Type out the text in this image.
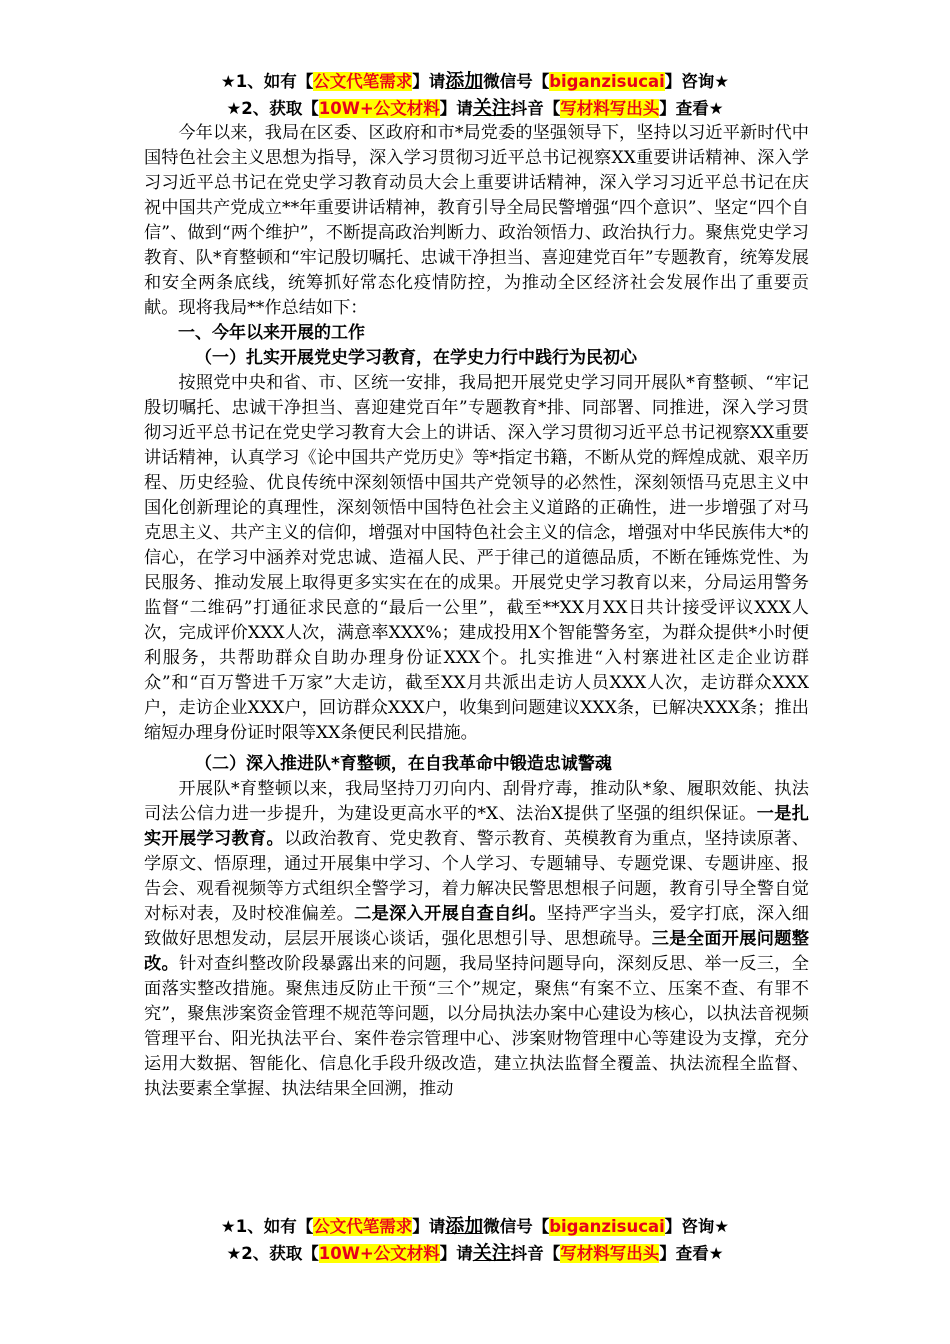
★1、如有【公文代笔需求】请添加微信号【biganzisucai】咨询★
★2、获取【10W+公文材料】请关注抖音【写材料写出头】查看★

今年以来，我局在区委、区政府和市*局党委的坚强领导下，坚持以习近平新时代中国特色社会主义思想为指导，深入学习贯彻习近平总书记视察XX重要讲话精神、深入学习习近平总书记在党史学习教育动员大会上重要讲话精神，深入学习习近平总书记在庆祝中国共产党成立**年重要讲话精神，教育引导全局民警增强“四个意识”、坚定“四个自信”、做到“两个维护”，不断提高政治判断力、政治领悟力、政治执行力。聚焦党史学习教育、队*育整顿和“牢记殷切嘱托、忠诚干净担当、喜迎建党百年”专题教育，统筹发展和安全两条底线，统筹抓好常态化疫情防控，为推动全区经济社会发展作出了重要贡献。现将我局**作总结如下：

一、今年以来开展的工作
（一）扎实开展党史学习教育，在学史力行中践行为民初心

按照党中央和省、市、区统一安排，我局把开展党史学习同开展队*育整顿、“牢记殷切嘱托、忠诚干净担当、喜迎建党百年”专题教育*排、同部署、同推进，深入学习贯彻习近平总书记在党史学习教育大会上的讲话、深入学习贯彻习近平总书记视察XX重要讲话精神，认真学习《论中国共产党历史》等*指定书籍，不断从党的辉煌成就、艰辛历程、历史经验、优良传统中深刻领悟中国共产党领导的必然性，深刻领悟马克思主义中国化创新理论的真理性，深刻领悟中国特色社会主义道路的正确性，进一步增强了对马克思主义、共产主义的信仰，增强对中国特色社会主义的信念，增强对中华民族伟大*的信心，在学习中涵养对党忠诚、造福人民、严于律己的道德品质，不断在锤炼党性、为民服务、推动发展上取得更多实实在在的成果。开展党史学习教育以来，分局运用警务监督“二维码”打通征求民意的“最后一公里”，截至**XX月XX日共计接受评议XXX人次，完成评价XXX人次，满意率XXX%；建成投用X个智能警务室，为群众提供*小时便利服务，共帮助群众自助办理身份证XXX个。扎实推进“入村寨进社区走企业访群众”和“百万警进千万家”大走访，截至XX月共派出走访人员XXX人次，走访群众XXX户，走访企业XXX户，回访群众XXX户，收集到问题建议XXX条，已解决XXX条；推出缩短办理身份证时限等XX条便民利民措施。

（二）深入推进队*育整顿，在自我革命中锻造忠诚警魂

开展队*育整顿以来，我局坚持刀刃向内、刮骨疗毒，推动队*象、履职效能、执法司法公信力进一步提升，为建设更高水平的*X、法治X提供了坚强的组织保证。一是扎实开展学习教育。以政治教育、党史教育、警示教育、英模教育为重点，坚持读原著、学原文、悟原理，通过开展集中学习、个人学习、专题辅导、专题党课、专题讲座、报告会、观看视频等方式组织全警学习，着力解决民警思想根子问题，教育引导全警自觉对标对表，及时校准偏差。二是深入开展自查自纠。坚持严字当头，爱字打底，深入细致做好思想发动，层层开展谈心谈话，强化思想引导、思想疏导。三是全面开展问题整改。针对查纠整改阶段暴露出来的问题，我局坚持问题导向，深刻反思、举一反三，全面落实整改措施。聚焦违反防止干预“三个”规定，聚焦“有案不立、压案不查、有罪不究”，聚焦涉案资金管理不规范等问题，以分局执法办案中心建设为核心，以执法音视频管理平台、阳光执法平台、案件卷宗管理中心、涉案财物管理中心等建设为支撑，充分运用大数据、智能化、信息化手段升级改造，建立执法监督全覆盖、执法流程全监督、执法要素全掌握、执法结果全回溯，推动

★1、如有【公文代笔需求】请添加微信号【biganzisucai】咨询★
★2、获取【10W+公文材料】请关注抖音【写材料写出头】查看★
